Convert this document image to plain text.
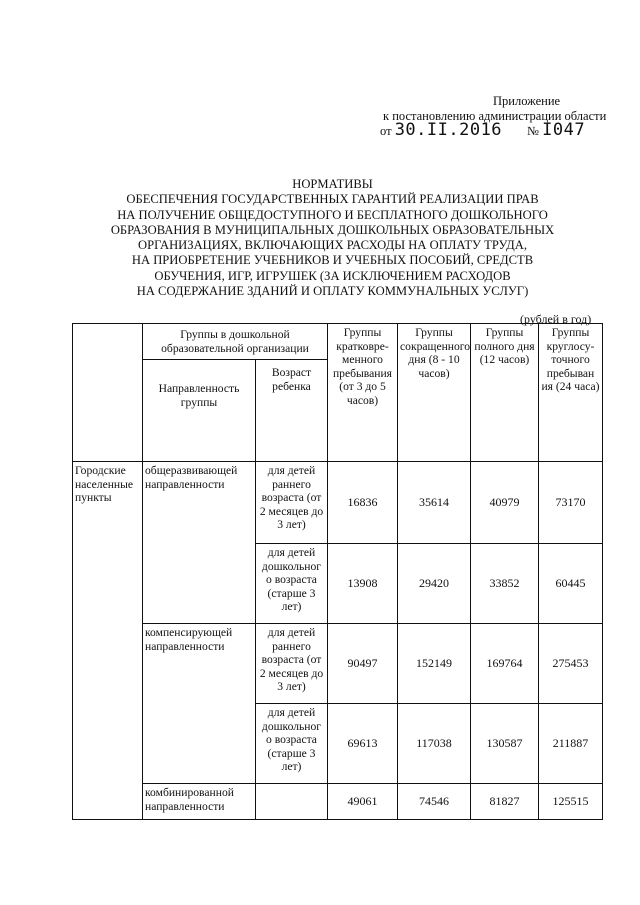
Приложение
к постановлению администрации области
от 30.II.2016 № I047
НОРМАТИВЫ
ОБЕСПЕЧЕНИЯ ГОСУДАРСТВЕННЫХ ГАРАНТИЙ РЕАЛИЗАЦИИ ПРАВ
НА ПОЛУЧЕНИЕ ОБЩЕДОСТУПНОГО И БЕСПЛАТНОГО ДОШКОЛЬНОГО
ОБРАЗОВАНИЯ В МУНИЦИПАЛЬНЫХ ДОШКОЛЬНЫХ ОБРАЗОВАТЕЛЬНЫХ
ОРГАНИЗАЦИЯХ, ВКЛЮЧАЮЩИХ РАСХОДЫ НА ОПЛАТУ ТРУДА,
НА ПРИОБРЕТЕНИЕ УЧЕБНИКОВ И УЧЕБНЫХ ПОСОБИЙ, СРЕДСТВ
ОБУЧЕНИЯ, ИГР, ИГРУШЕК (ЗА ИСКЛЮЧЕНИЕМ РАСХОДОВ
НА СОДЕРЖАНИЕ ЗДАНИЙ И ОПЛАТУ КОММУНАЛЬНЫХ УСЛУГ)
(рублей в год)
	Группы в дошкольной образовательной организации		Группы кратковре-менного пребывания (от 3 до 5 часов)	Группы сокращенного дня (8 - 10 часов)	Группы полного дня (12 часов)	Группы круглосу-точного пребыван ия (24 часа)
	Направленность группы	Возраст ребенка				
Городские населенные пункты	общеразвивающей направленности	для детей раннего возраста (от 2 месяцев до 3 лет)	16836	35614	40979	73170
		для детей дошкольног о возраста (старше 3 лет)	13908	29420	33852	60445
	компенсирующей направленности	для детей раннего возраста (от 2 месяцев до 3 лет)	90497	152149	169764	275453
		для детей дошкольног о возраста (старше 3 лет)	69613	117038	130587	211887
	комбинированной направленности		49061	74546	81827	125515
